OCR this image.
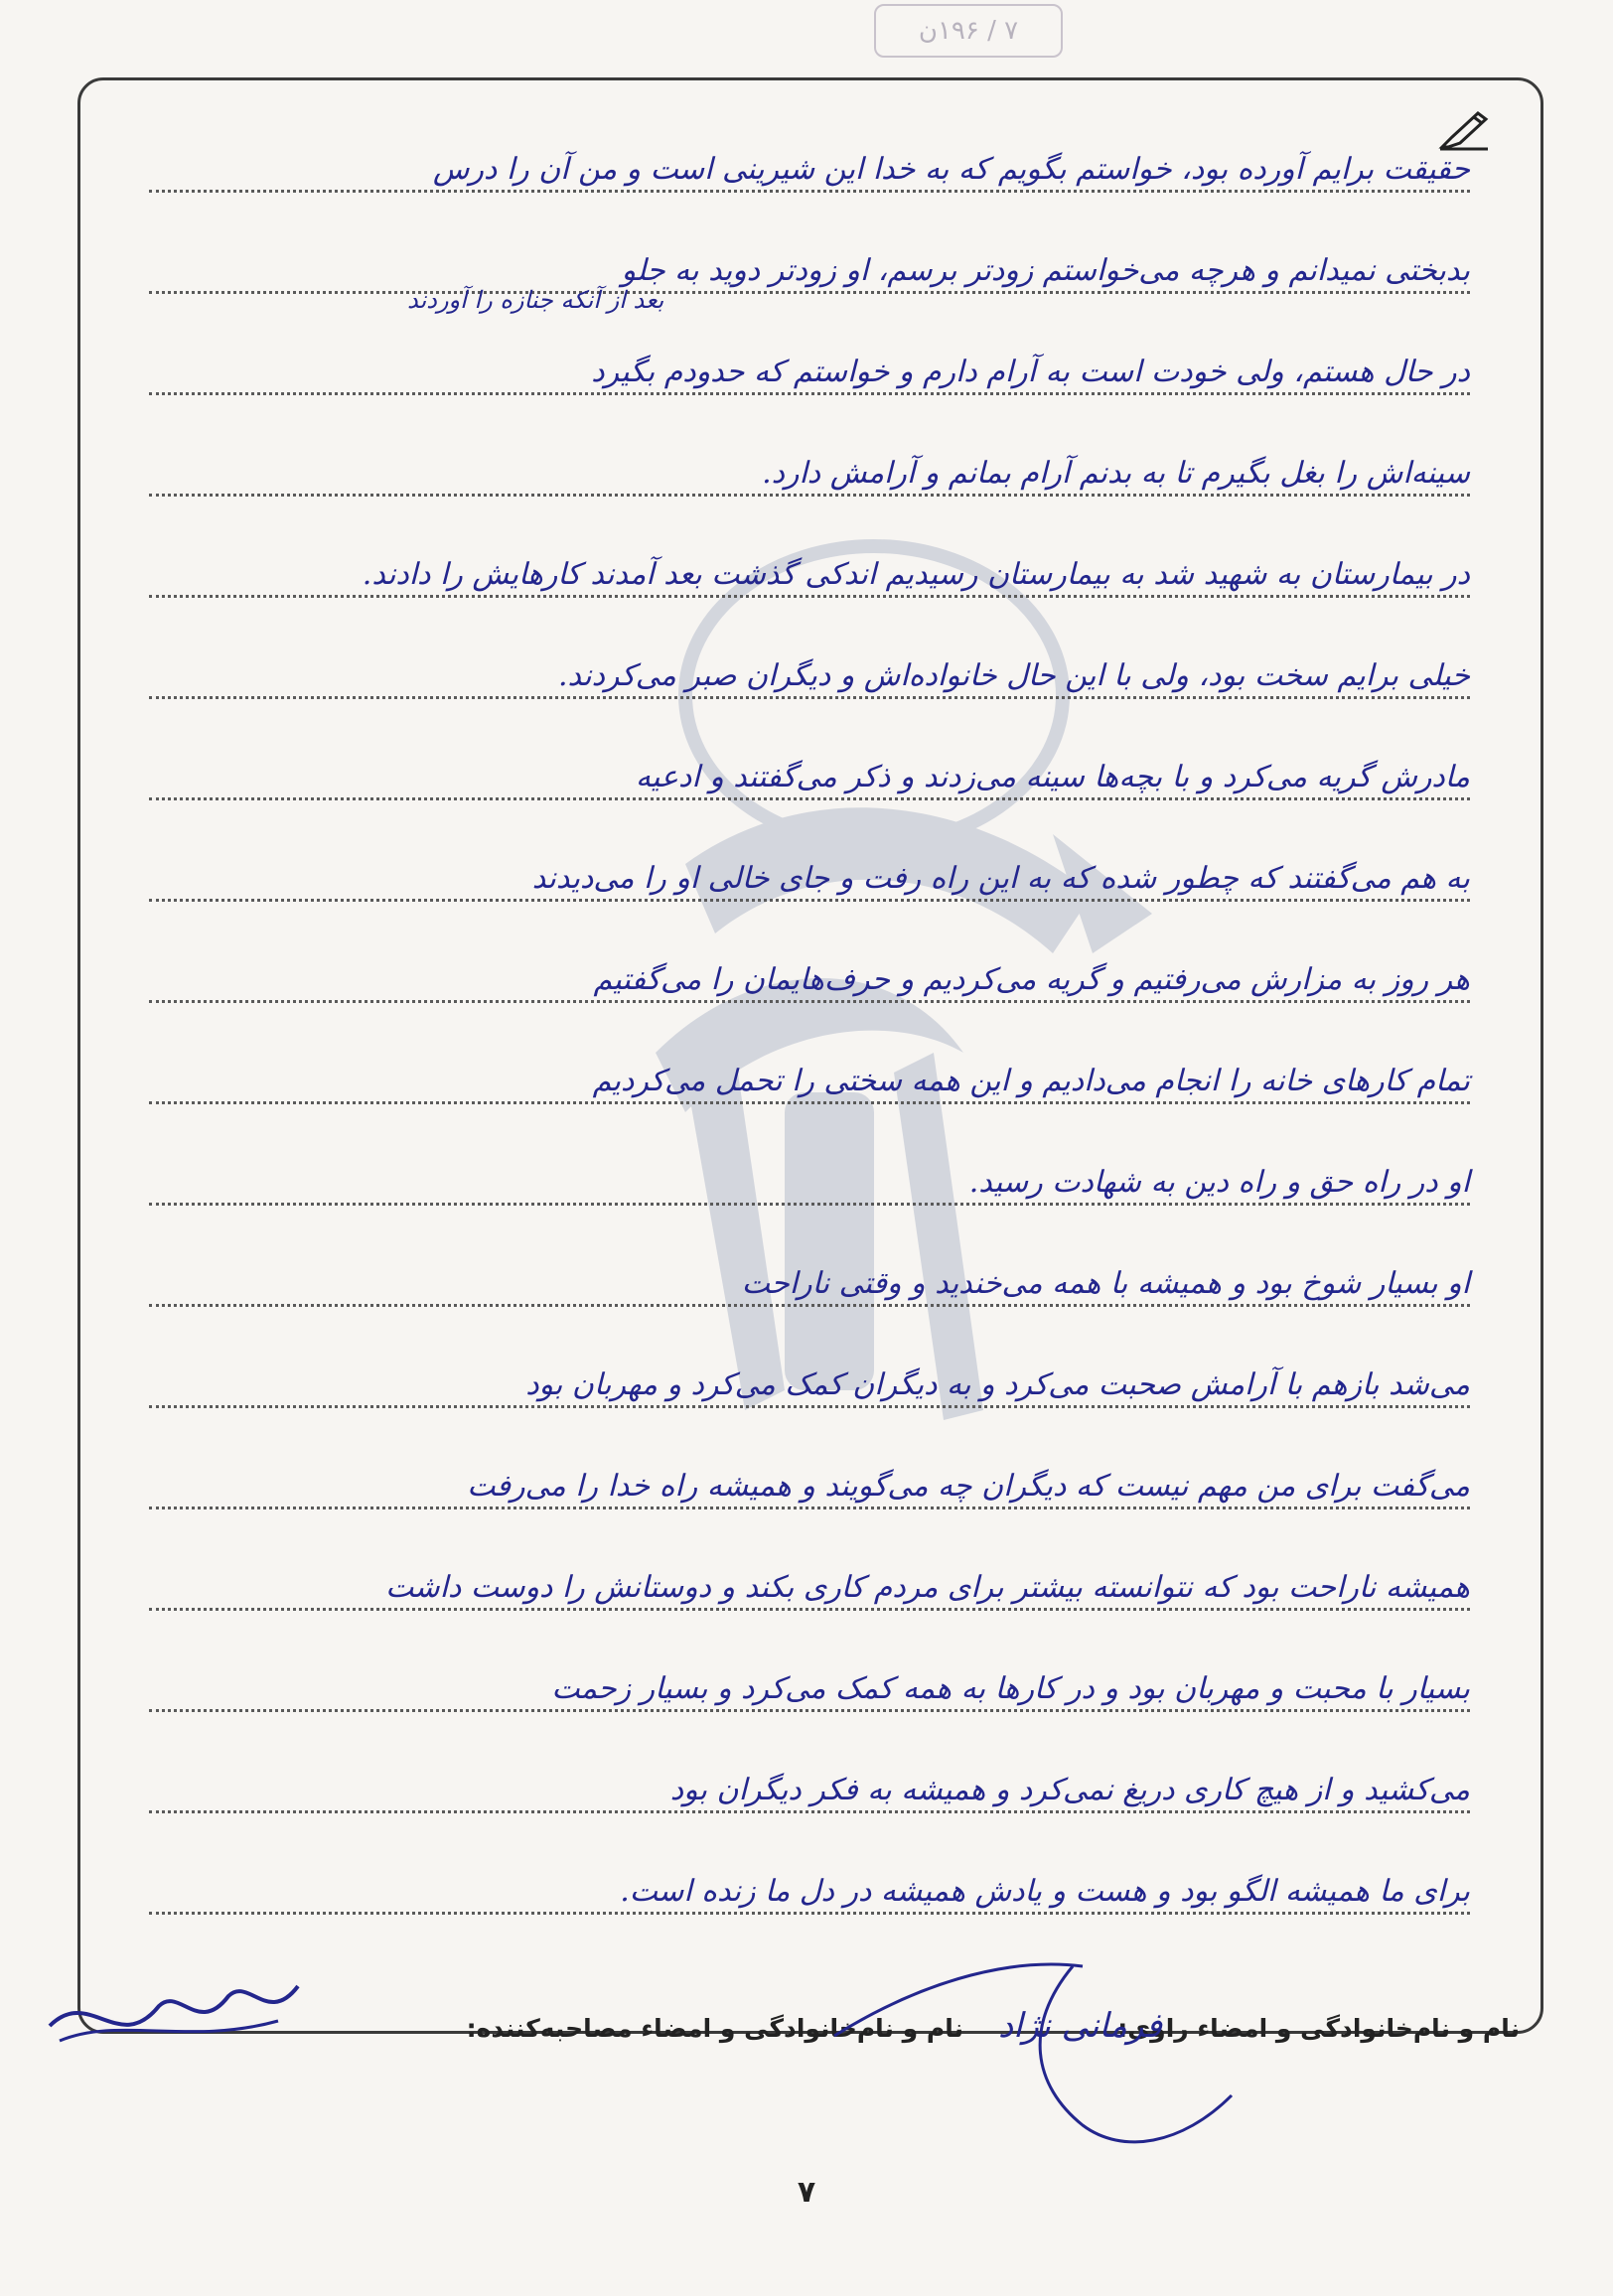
۷ / ۱۹۶ن
حقیقت برایم آورده بود، خواستم بگویم که به خدا این شیرینی است و من آن را درس
بدبختی نمیدانم و هرچه می‌خواستم زودتر برسم، او زودتر دوید به جلو
در حال هستم، ولی خودت است به آرام دارم و خواستم که حدودم بگیرد
سینه‌اش را بغل بگیرم تا به بدنم آرام بمانم و آرامش دارد.
در بیمارستان به شهید شد به بیمارستان رسیدیم اندکی گذشت بعد آمدند کارهایش را دادند.
خیلی برایم سخت بود، ولی با این حال خانواده‌اش و دیگران صبر می‌کردند.
مادرش گریه می‌کرد و با بچه‌ها سینه می‌زدند و ذکر می‌گفتند و ادعیه
به هم می‌گفتند که چطور شده که به این راه رفت و جای خالی او را می‌دیدند
هر روز به مزارش می‌رفتیم و گریه می‌کردیم و حرف‌هایمان را می‌گفتیم
تمام کارهای خانه را انجام می‌دادیم و این همه سختی را تحمل می‌کردیم
او در راه حق و راه دین به شهادت رسید.
او بسیار شوخ بود و همیشه با همه می‌خندید و وقتی ناراحت
می‌شد بازهم با آرامش صحبت می‌کرد و به دیگران کمک می‌کرد و مهربان بود
می‌گفت برای من مهم نیست که دیگران چه می‌گویند و همیشه راه خدا را می‌رفت
همیشه ناراحت بود که نتوانسته بیشتر برای مردم کاری بکند و دوستانش را دوست داشت
بسیار با محبت و مهربان بود و در کارها به همه کمک می‌کرد و بسیار زحمت
می‌کشید و از هیچ کاری دریغ نمی‌کرد و همیشه به فکر دیگران بود
برای ما همیشه الگو بود و هست و یادش همیشه در دل ما زنده است.
بعد از آنکه جنازه را آوردند
نام و نام‌خانوادگی و امضاء راوی:
فرمانی نژاد
نام و نام‌خانوادگی و امضاء مصاحبه‌کننده:
۷
